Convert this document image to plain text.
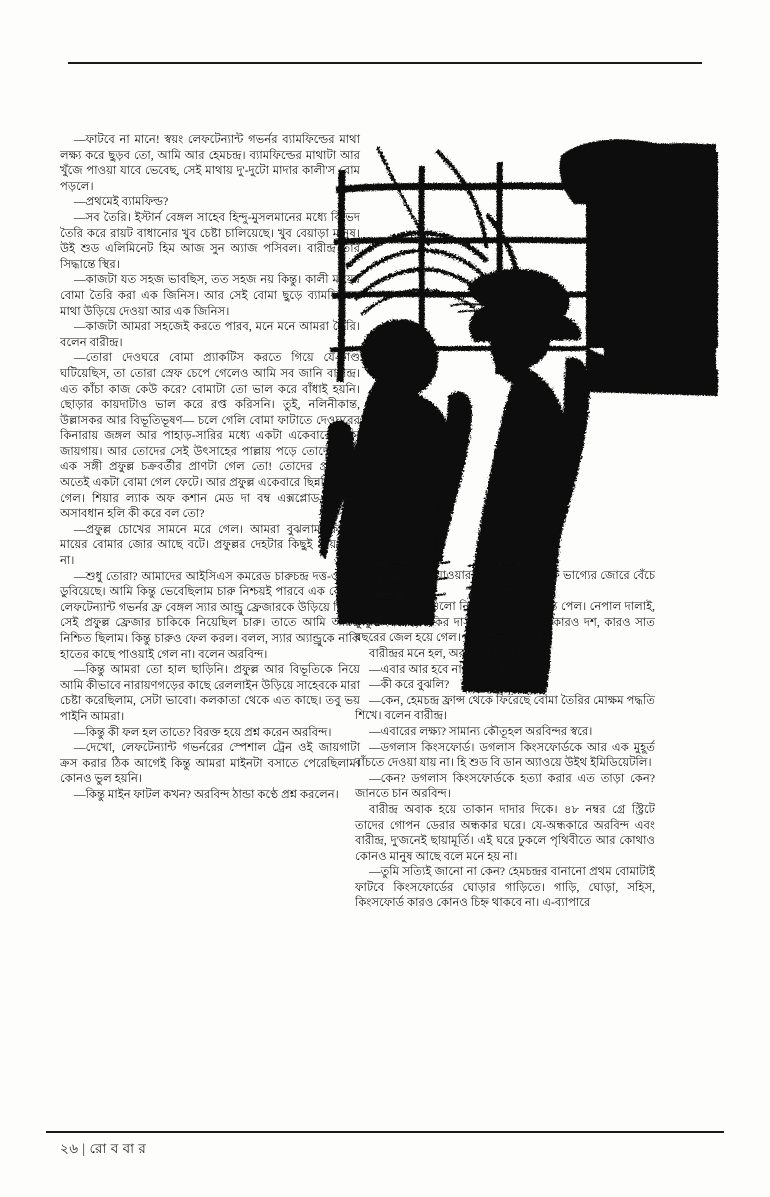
—ফাটবে না মানে! স্বয়ং লেফটেন্যান্ট গভর্নর ব্যামফিল্ডের মাথা লক্ষ্য করে ছুড়ব তো, আমি আর হেমচন্দ্র। ব্যামফিল্ডের মাথাটা আর খুঁজে পাওয়া যাবে ভেবেছ, সেই মাথায় দু'-দুটো মাদার কালী'স বোম পড়লে।

—প্রথমেই ব্যামফিল্ড?

—সব তৈরি। ইস্টার্ন বেঙ্গল সাহেব হিন্দু-মুসলমানের মধ্যে বিভেদ তৈরি করে রায়ট বাধানোর খুব চেষ্টা চালিয়েছে। খুব বেয়াড়া মানুষ। উই শুড এলিমিনেট হিম আজ সুন অ্যাজ পসিবল। বারীন্দ্র তাঁর সিদ্ধান্তে স্থির।

—কাজটা যত সহজ ভাবছিস, তত সহজ নয় কিন্তু। কালী মায়ের বোমা তৈরি করা এক জিনিস। আর সেই বোমা ছুড়ে ব্যামফিল্ডের মাথা উড়িয়ে দেওয়া আর এক জিনিস।

—কাজটা আমরা সহজেই করতে পারব, মনে মনে আমরা তৈরি। বলেন বারীন্দ্র।

—তোরা দেওঘরে বোমা প্র্যাকটিস করতে গিয়ে যে-কাণ্ড ঘটিয়েছিস, তা তোরা স্রেফ চেপে গেলেও আমি সব জানি বারীন্দ্র। এত কাঁচা কাজ কেউ করে? বোমাটা তো ভাল করে বাঁধাই হয়নি। ছোড়ার কায়দাটাও ভাল করে রপ্ত করিসনি। তুই, নলিনীকান্ত, উল্লাসকর আর বিভূতিভূষণ— চলে গেলি বোমা ফাটাতে দেওঘরের কিনারায় জঙ্গল আর পাহাড়-সারির মধ্যে একটা একেবারে ফাঁকা জায়গায়। আর তোদের সেই উৎসাহের পাল্লায় পড়ে তোদের আর এক সঙ্গী প্রফুল্ল চক্রবর্তীর প্রাণটা গেল তো! তোদের প্রত্যাশার অতেই একটা বোমা গেল ফেটে। আর প্রফুল্ল একেবারে ছিন্নভিন্ন হয়ে গেল। শিয়ার ল্যাক অফ কশান মেড দা বম্ব এক্সপ্লোড— এমন অসাবধান হলি কী করে বল তো?

—প্রফুল্ল চোখের সামনে মরে গেল। আমরা বুঝলাম, কালীর মায়ের বোমার জোর আছে বটে। প্রফুল্লর দেহটার কিছুই প্রায় ছিল না।

—শুধু তোরা? আমাদের আইসিএস কমরেড চারুচন্দ্র দত্ত-ও তো ডুবিয়েছে। আমি কিন্তু ভেবেছিলাম চারু নিশ্চয়ই পারবে এক বোমায় লেফটেন্যান্ট গভর্নর ফ্র বেঙ্গল স্যার আন্ড্রু ফ্রেজারকে উড়িয়ে দিতে। সেই প্রফুল্ল ফ্রেজার চাকিকে নিয়েছিল চারু। তাতে আমি আরও নিশ্চিত ছিলাম। কিন্তু চারুও ফেল করল। বলল, স্যার অ্যান্ড্রুকে নাকি হাতের কাছে পাওয়াই গেল না। বলেন অরবিন্দ।

—কিন্তু আমরা তো হাল ছাড়িনি। প্রফুল্ল আর বিভূতিকে নিয়ে আমি কীভাবে নারায়ণগড়ের কাছে রেললাইন উড়িয়ে সাহেবকে মারা চেষ্টা করেছিলাম, সেটা ভাবো। কলকাতা থেকে এত কাছে। তবু ভয় পাইনি আমরা।

—কিন্তু কী ফল হল তাতে? বিরক্ত হয়ে প্রশ্ন করেন অরবিন্দ।

—দেখো, লেফটেন্যান্ট গভর্নরের স্পেশাল ট্রেন ওই জায়গাটা ক্রস করার ঠিক আগেই কিন্তু আমরা মাইনটা বসাতে পেরেছিলাম। কোনও ভুল হয়নি।

—কিন্তু মাইন ফাটল কখন? অরবিন্দ ঠান্ডা কণ্ঠে প্রশ্ন করলেন।

—ট্রেনটা চলে যাওয়ার পরেই। সাহেব স্রেফ ভাগ্যের জোরে বেঁচে গেলেন।

—আর কতকগুলো নিরপরাধ চাকুরে শাস্তি পেল। নেপাল দালাই, কুসুমদ বারিক, ফকির দাস, তারা দোলাই— কারও দশ, কারও সাত বছরের জেল হয়ে গেল।

বারীন্দ্রর মনে হল, অরবিন্দর কণ্ঠে হতাশা।

—এবার আর হবে না। বলেন বারীন্দ্র।

—কী করে বুঝলি?

—কেন, হেমচন্দ্র ফ্রান্স থেকে ফিরেছে বোমা তৈরির মোক্ষম পদ্ধতি শিখে। বলেন বারীন্দ্র।

—এবারের লক্ষ্য? সামান্য কৌতূহল অরবিন্দর স্বরে।

—ডগলাস কিংসফোর্ড। ডগলাস কিংসফোর্ডকে আর এক মুহূর্ত বাঁচতে দেওয়া যায় না। হি শুড বি ডান অ্যাওয়ে উইথ ইমিডিয়েটলি।

—কেন? ডগলাস কিংসফোর্ডকে হত্যা করার এত তাড়া কেন? জানতে চান অরবিন্দ।

বারীন্দ্র অবাক হয়ে তাকান দাদার দিকে। ৪৮ নম্বর গ্রে স্ট্রিটে তাদের গোপন ডেরার অন্ধকার ঘরে। যে-অন্ধকারে অরবিন্দ এবং বারীন্দ্র, দু'জনেই ছায়ামূর্তি। এই ঘরে ঢুকলে পৃথিবীতে আর কোথাও কোনও মানুষ আছে বলে মনে হয় না।

—তুমি সত্যিই জানো না কেন? হেমচন্দ্রর বানানো প্রথম বোমাটাই ফাটবে কিংসফোর্ডের ঘোড়ার গাড়িতে। গাড়ি, ঘোড়া, সহিস, কিংসফোর্ড কারও কোনও চিহ্ন থাকবে না। এ-ব্যাপারে

২৬ | রো ব বা র
